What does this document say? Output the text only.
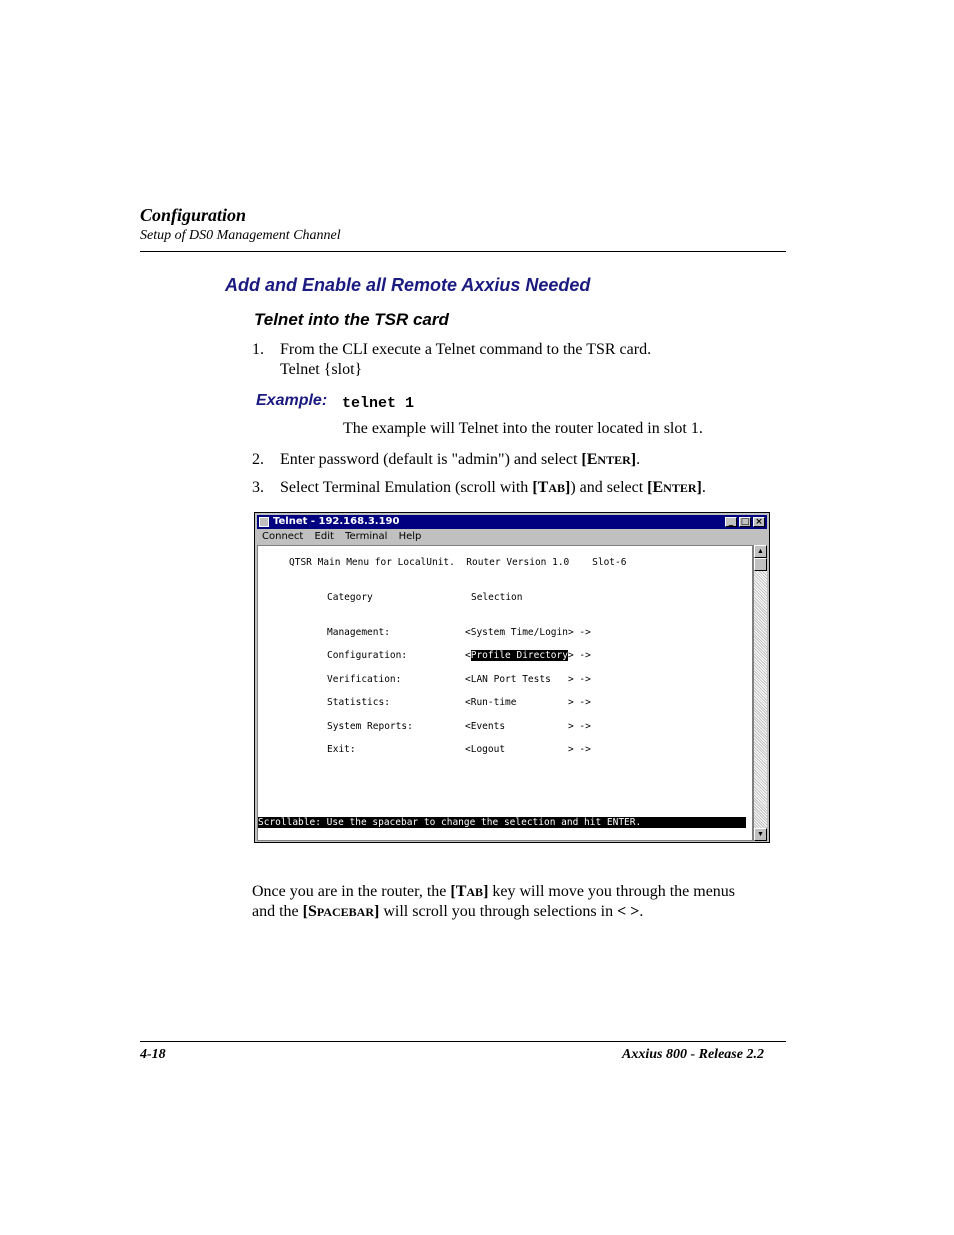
Configuration
Setup of DS0 Management Channel
Add and Enable all Remote Axxius Needed
Telnet into the TSR card
1. From the CLI execute a Telnet command to the TSR card.
Telnet {slot}
Example: telnet 1
The example will Telnet into the router located in slot 1.
2. Enter password (default is "admin") and select [ENTER].
3. Select Terminal Emulation (scroll with [TAB]) and select [ENTER].
Telnet - 192.168.3.190	_ □ ×
Connect Edit Terminal Help
QTSR Main Menu for LocalUnit.  Router Version 1.0    Slot-6
Category	Selection
Management:	<System Time/Login> ->
Configuration:	<Profile Directory> ->
Verification:	<LAN Port Tests   > ->
Statistics:	<Run-time         > ->
System Reports:	<Events           > ->
Exit:	<Logout           > ->
Scrollable: Use the spacebar to change the selection and hit ENTER.
▲
▼
Once you are in the router, the [TAB] key will move you through the menus
and the [SPACEBAR] will scroll you through selections in < >.
4-18	Axxius 800 - Release 2.2
